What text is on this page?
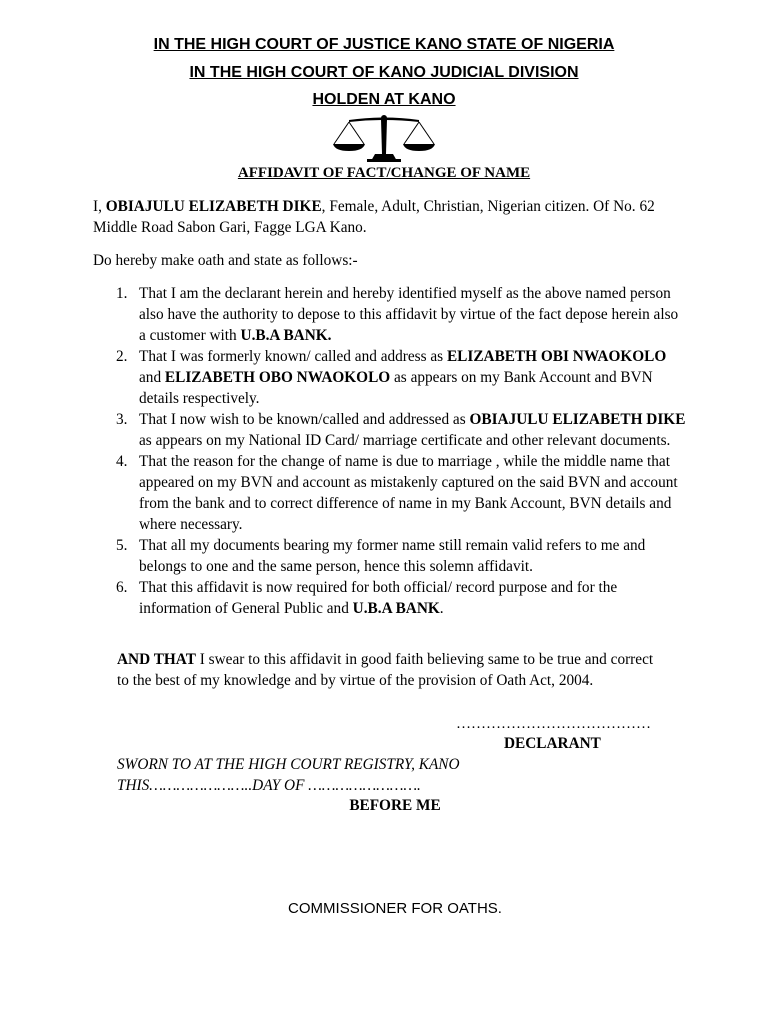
IN THE HIGH COURT OF JUSTICE KANO STATE OF NIGERIA
IN THE HIGH COURT OF KANO JUDICIAL DIVISION
HOLDEN AT KANO
AFFIDAVIT OF FACT/CHANGE OF NAME
I, OBIAJULU ELIZABETH DIKE, Female, Adult, Christian, Nigerian citizen. Of No. 62 Middle Road Sabon Gari, Fagge LGA Kano.
Do hereby make oath and state as follows:-
1. That I am the declarant herein and hereby identified myself as the above named person also have the authority to depose to this affidavit by virtue of the fact depose herein also a customer with U.B.A BANK.
2. That I was formerly known/ called and address as ELIZABETH OBI NWAOKOLO and ELIZABETH OBO NWAOKOLO as appears on my Bank Account and BVN details respectively.
3. That I now wish to be known/called and addressed as OBIAJULU ELIZABETH DIKE as appears on my National ID Card/ marriage certificate and other relevant documents.
4. That the reason for the change of name is due to marriage , while the middle name that appeared on my BVN and account as mistakenly captured on the said BVN and account from the bank and to correct difference of name in my Bank Account, BVN details and where necessary.
5. That all my documents bearing my former name still remain valid refers to me and belongs to one and the same person, hence this solemn affidavit.
6. That this affidavit is now required for both official/ record purpose and for the information of General Public and U.B.A BANK.
AND THAT I swear to this affidavit in good faith believing same to be true and correct to the best of my knowledge and by virtue of the provision of Oath Act, 2004.
…………………………………
DECLARANT
SWORN TO AT THE HIGH COURT REGISTRY, KANO
THIS…………………..DAY OF …………………….
BEFORE ME
COMMISSIONER FOR OATHS.
